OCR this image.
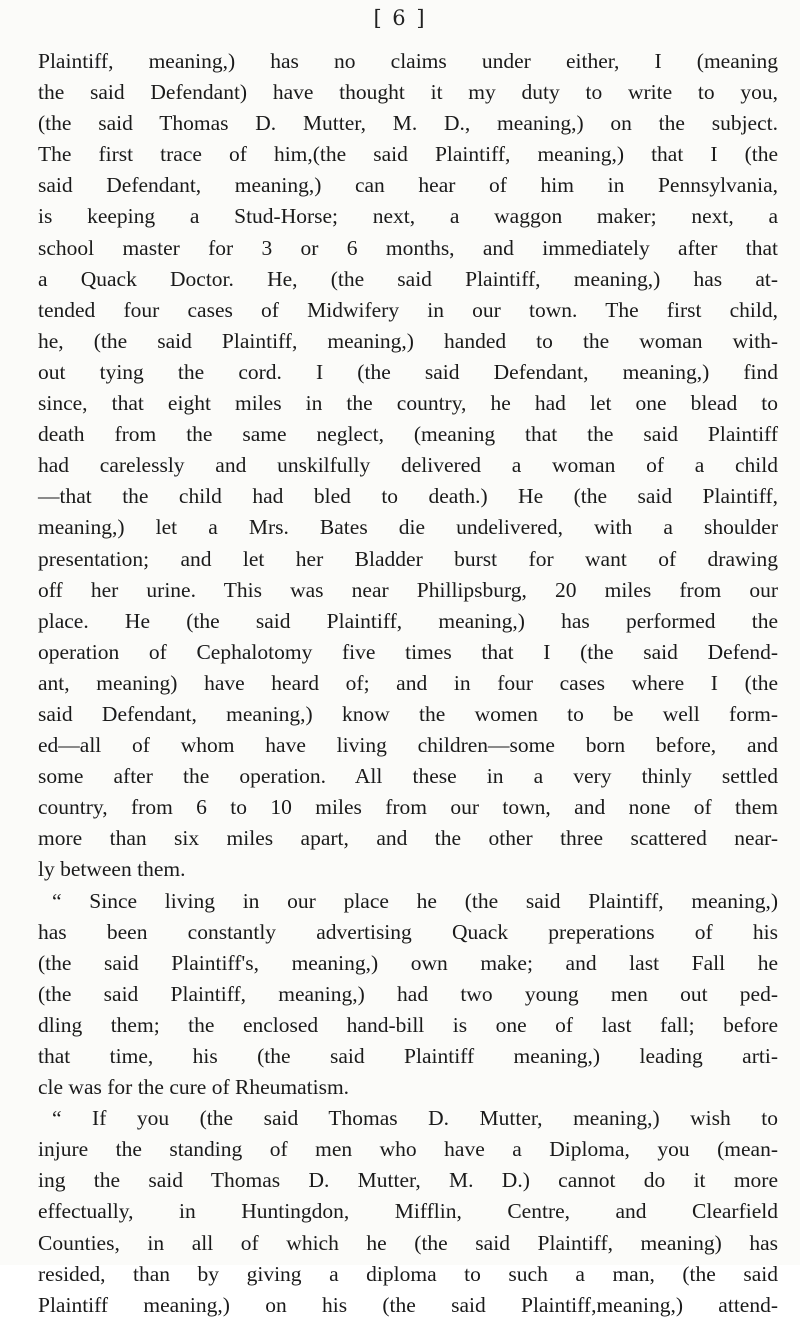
[ 6 ]
Plaintiff, meaning,) has no claims under either, I (meaning
the said Defendant) have thought it my duty to write to you,
(the said Thomas D. Mutter, M. D., meaning,) on the subject.
The first trace of him,(the said Plaintiff, meaning,) that I (the
said Defendant, meaning,) can hear of him in Pennsylvania,
is keeping a Stud-Horse; next, a waggon maker; next, a
school master for 3 or 6 months, and immediately after that
a Quack Doctor. He, (the said Plaintiff, meaning,) has at-
tended four cases of Midwifery in our town. The first child,
he, (the said Plaintiff, meaning,) handed to the woman with-
out tying the cord. I (the said Defendant, meaning,) find
since, that eight miles in the country, he had let one blead to
death from the same neglect, (meaning that the said Plaintiff
had carelessly and unskilfully delivered a woman of a child
—that the child had bled to death.) He (the said Plaintiff,
meaning,) let a Mrs. Bates die undelivered, with a shoulder
presentation; and let her Bladder burst for want of drawing
off her urine. This was near Phillipsburg, 20 miles from our
place. He (the said Plaintiff, meaning,) has performed the
operation of Cephalotomy five times that I (the said Defend-
ant, meaning) have heard of; and in four cases where I (the
said Defendant, meaning,) know the women to be well form-
ed—all of whom have living children—some born before, and
some after the operation. All these in a very thinly settled
country, from 6 to 10 miles from our town, and none of them
more than six miles apart, and the other three scattered near-
ly between them.
“ Since living in our place he (the said Plaintiff, meaning,)
has been constantly advertising Quack preperations of his
(the said Plaintiff's, meaning,) own make; and last Fall he
(the said Plaintiff, meaning,) had two young men out ped-
dling them; the enclosed hand-bill is one of last fall; before
that time, his (the said Plaintiff meaning,) leading arti-
cle was for the cure of Rheumatism.
“ If you (the said Thomas D. Mutter, meaning,) wish to
injure the standing of men who have a Diploma, you (mean-
ing the said Thomas D. Mutter, M. D.) cannot do it more
effectually, in Huntingdon, Mifflin, Centre, and Clearfield
Counties, in all of which he (the said Plaintiff, meaning) has
resided, than by giving a diploma to such a man, (the said
Plaintiff meaning,) on his (the said Plaintiff,meaning,) attend-
